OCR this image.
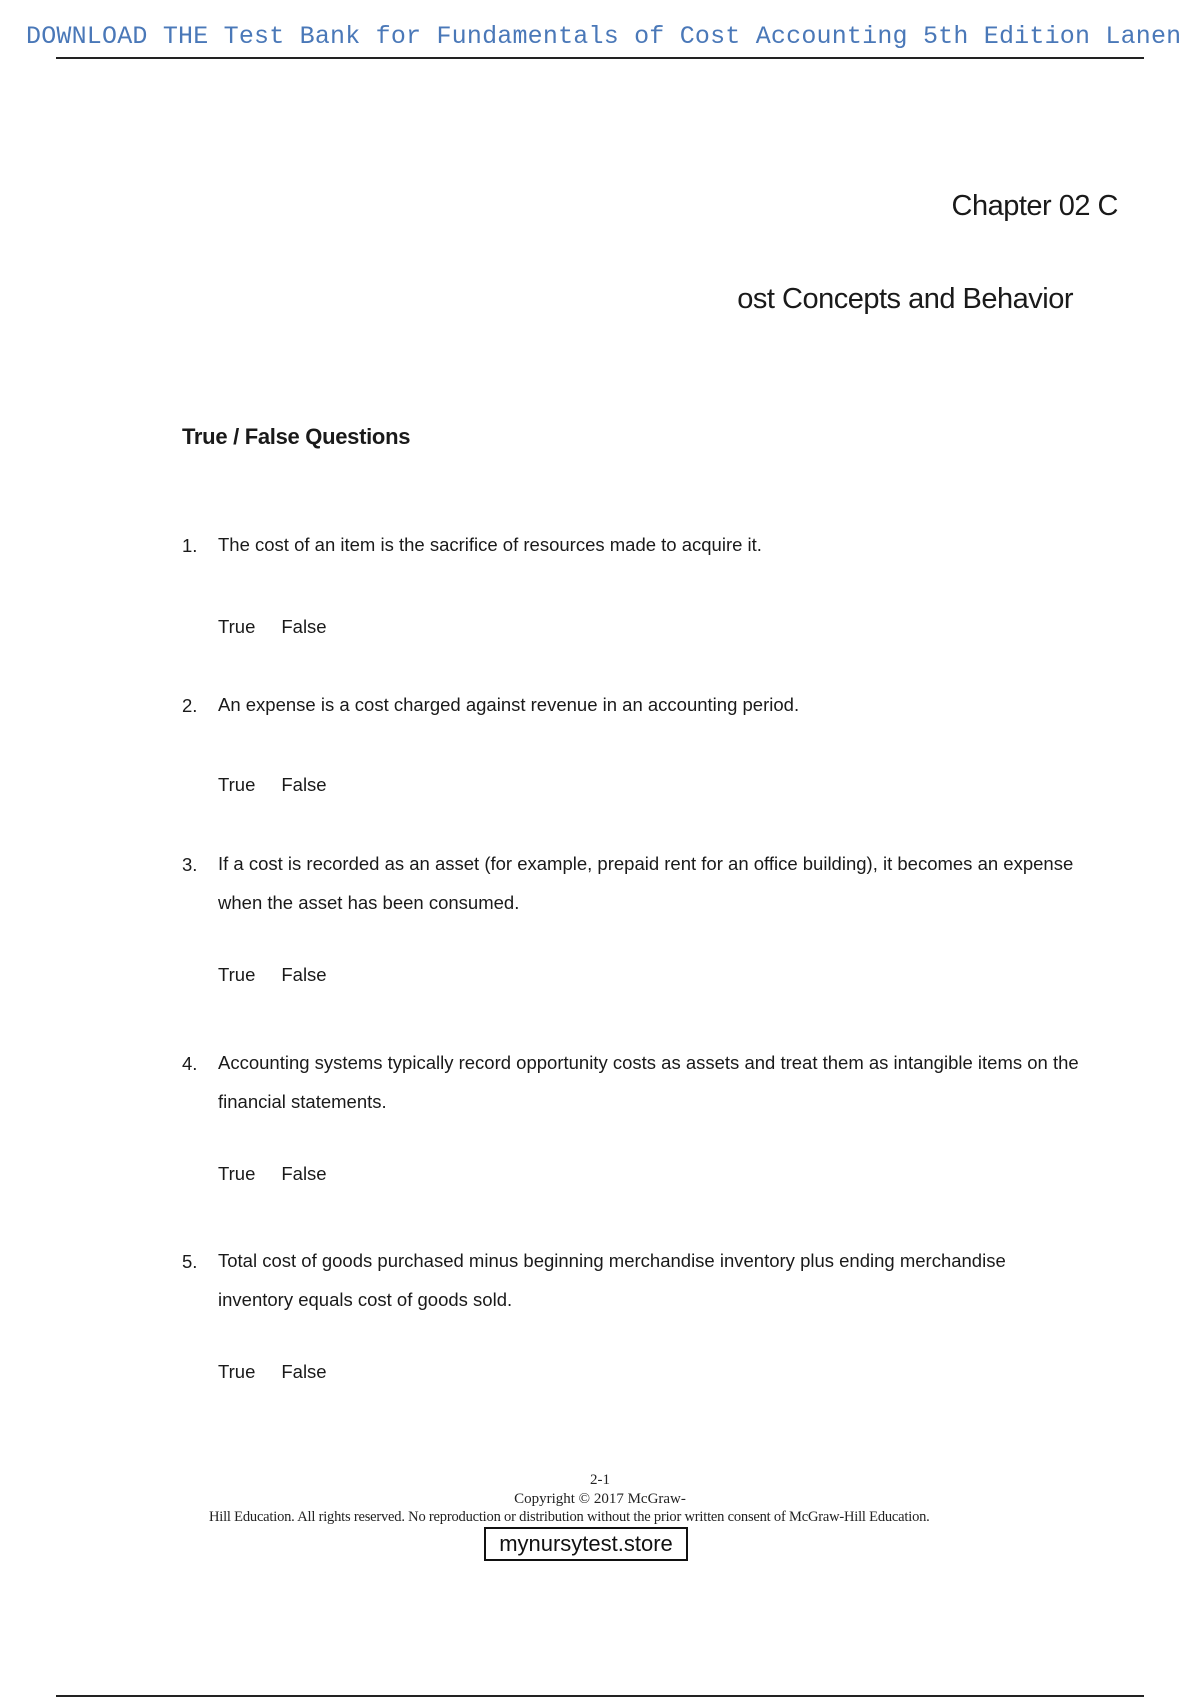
DOWNLOAD THE Test Bank for Fundamentals of Cost Accounting 5th Edition Lanen
Chapter 02 C
ost Concepts and Behavior
True / False Questions
1.	The cost of an item is the sacrifice of resources made to acquire it.
True False
2.	An expense is a cost charged against revenue in an accounting period.
True False
3.	If a cost is recorded as an asset (for example, prepaid rent for an office building), it becomes an expense when the asset has been consumed.
True False
4.	Accounting systems typically record opportunity costs as assets and treat them as intangible items on the financial statements.
True False
5.	Total cost of goods purchased minus beginning merchandise inventory plus ending merchandise inventory equals cost of goods sold.
True False
2-1
Copyright © 2017 McGraw-
Hill Education. All rights reserved. No reproduction or distribution without the prior written consent of McGraw-Hill Education.
mynursytest.store
